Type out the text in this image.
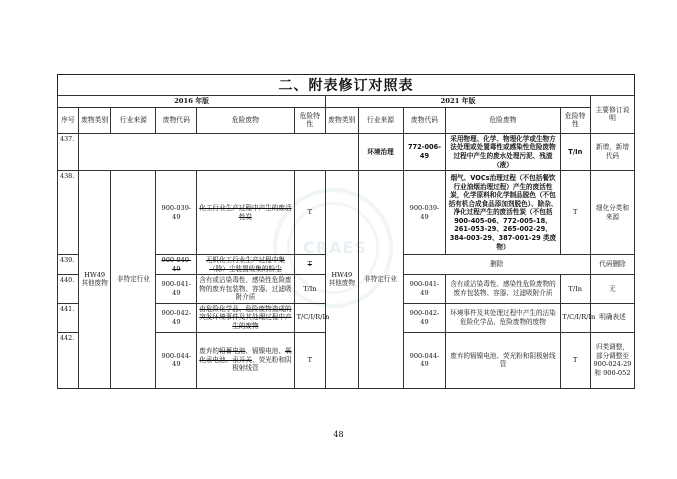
CRAES
二、附表修订对照表
2016 年版						2021 年版					主要修订说明
序号	废物类别	行业来源	废物代码	危险废物	危险特性	废物类别	行业来源	废物代码	危险废物	危险特性	
437.							环境治理	772-006-49	采用物理、化学、物理化学或生物方法处理或处置毒性或感染性危险废物过程中产生的废水处理污泥、残渣（液）	T/In	新增，新增代码
438.	HW49 其他废物	非特定行业	900-039-49	化工行业生产过程中产生的废活性炭	T	HW49 其他废物	非特定行业	900-039-49	烟气、VOCs治理过程（不包括餐饮行业油烟治理过程）产生的废活性炭，化学原料和化学制品脱色（不包括有机合成食品添加剂脱色）、除杂、净化过程产生的废活性炭（不包括 900-405-06、772-005-18、261-053-29、265-002-29、384-003-29、387-001-29 类废物）	T	细化分类和来源
439.			900-040-49	无机化工行业生产过程中集（除）尘装置收集的粉尘	T			删除			代码删除
440.			900-041-49	含有或沾染毒性、感染性危险废物的废弃包装物、容器、过滤吸附介质	T/In			900-041-49	含有或沾染毒性、感染性危险废物的废弃包装物、容器、过滤吸附介质	T/In	无
441.			900-042-49	由危险化学品、危险废物造成的突发环境事件及其处理过程中产生的废物	T/C/I/R/In			900-042-49	环境事件及其处理过程中产生的沾染危险化学品、危险废物的废物	T/C/I/R/In	明确表述
442.			900-044-49	废弃的铅蓄电池、镉镍电池、氧化汞电池、汞开关、荧光粉和阴极射线管	T			900-044-49	废弃的镉镍电池、荧光粉和阴极射线管	T	归类调整，部分调整至 900-024-29 和 900-052
48
